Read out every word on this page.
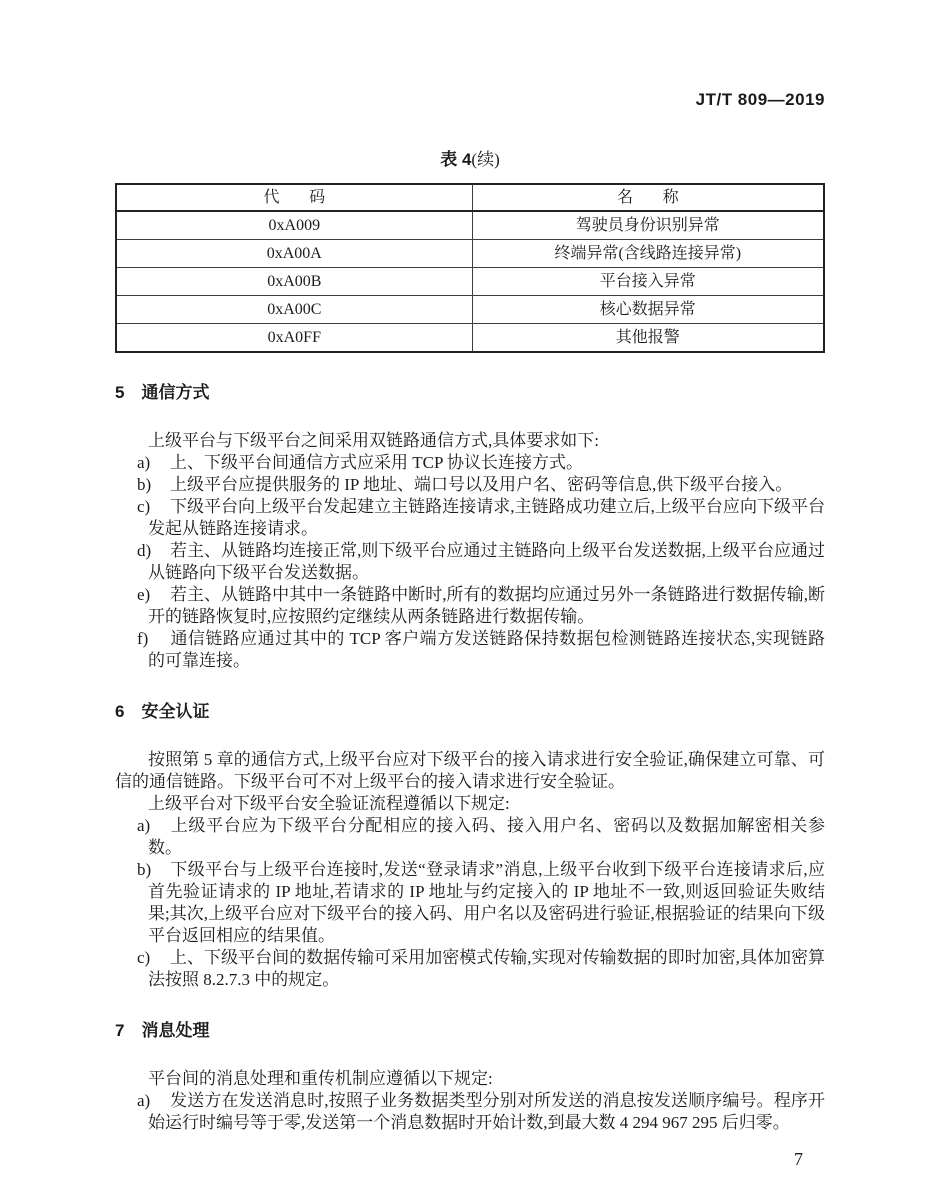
JT/T 809—2019
表 4(续)
代 码	名 称
0xA009	驾驶员身份识别异常
0xA00A	终端异常(含线路连接异常)
0xA00B	平台接入异常
0xA00C	核心数据异常
0xA0FF	其他报警
5 通信方式

上级平台与下级平台之间采用双链路通信方式,具体要求如下:

a) 上、下级平台间通信方式应采用 TCP 协议长连接方式。
b) 上级平台应提供服务的 IP 地址、端口号以及用户名、密码等信息,供下级平台接入。
c) 下级平台向上级平台发起建立主链路连接请求,主链路成功建立后,上级平台应向下级平台发起从链路连接请求。
d) 若主、从链路均连接正常,则下级平台应通过主链路向上级平台发送数据,上级平台应通过从链路向下级平台发送数据。
e) 若主、从链路中其中一条链路中断时,所有的数据均应通过另外一条链路进行数据传输,断开的链路恢复时,应按照约定继续从两条链路进行数据传输。
f) 通信链路应通过其中的 TCP 客户端方发送链路保持数据包检测链路连接状态,实现链路的可靠连接。
6 安全认证

按照第 5 章的通信方式,上级平台应对下级平台的接入请求进行安全验证,确保建立可靠、可信的通信链路。下级平台可不对上级平台的接入请求进行安全验证。

上级平台对下级平台安全验证流程遵循以下规定:

a) 上级平台应为下级平台分配相应的接入码、接入用户名、密码以及数据加解密相关参数。
b) 下级平台与上级平台连接时,发送“登录请求”消息,上级平台收到下级平台连接请求后,应首先验证请求的 IP 地址,若请求的 IP 地址与约定接入的 IP 地址不一致,则返回验证失败结果;其次,上级平台应对下级平台的接入码、用户名以及密码进行验证,根据验证的结果向下级平台返回相应的结果值。
c) 上、下级平台间的数据传输可采用加密模式传输,实现对传输数据的即时加密,具体加密算法按照 8.2.7.3 中的规定。
7 消息处理

平台间的消息处理和重传机制应遵循以下规定:

a) 发送方在发送消息时,按照子业务数据类型分别对所发送的消息按发送顺序编号。程序开始运行时编号等于零,发送第一个消息数据时开始计数,到最大数 4 294 967 295 后归零。
7
